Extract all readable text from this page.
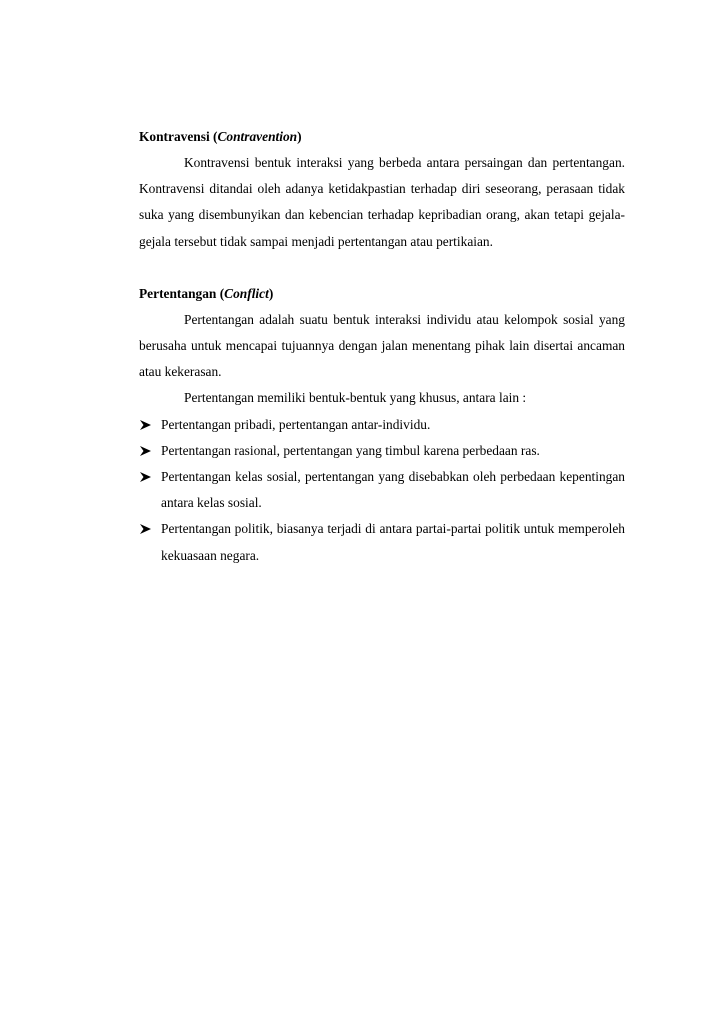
Kontravensi (Contravention)

Kontravensi bentuk interaksi yang berbeda antara persaingan dan pertentangan. Kontravensi ditandai oleh adanya ketidakpastian terhadap diri seseorang, perasaan tidak suka yang disembunyikan dan kebencian terhadap kepribadian orang, akan tetapi gejala-gejala tersebut tidak sampai menjadi pertentangan atau pertikaian.

Pertentangan (Conflict)

Pertentangan adalah suatu bentuk interaksi individu atau kelompok sosial yang berusaha untuk mencapai tujuannya dengan jalan menentang pihak lain disertai ancaman atau kekerasan.

Pertentangan memiliki bentuk-bentuk yang khusus, antara lain :

Pertentangan pribadi, pertentangan antar-individu.
Pertentangan rasional, pertentangan yang timbul karena perbedaan ras.
Pertentangan kelas sosial, pertentangan yang disebabkan oleh perbedaan kepentingan antara kelas sosial.
Pertentangan politik, biasanya terjadi di antara partai-partai politik untuk memperoleh kekuasaan negara.
